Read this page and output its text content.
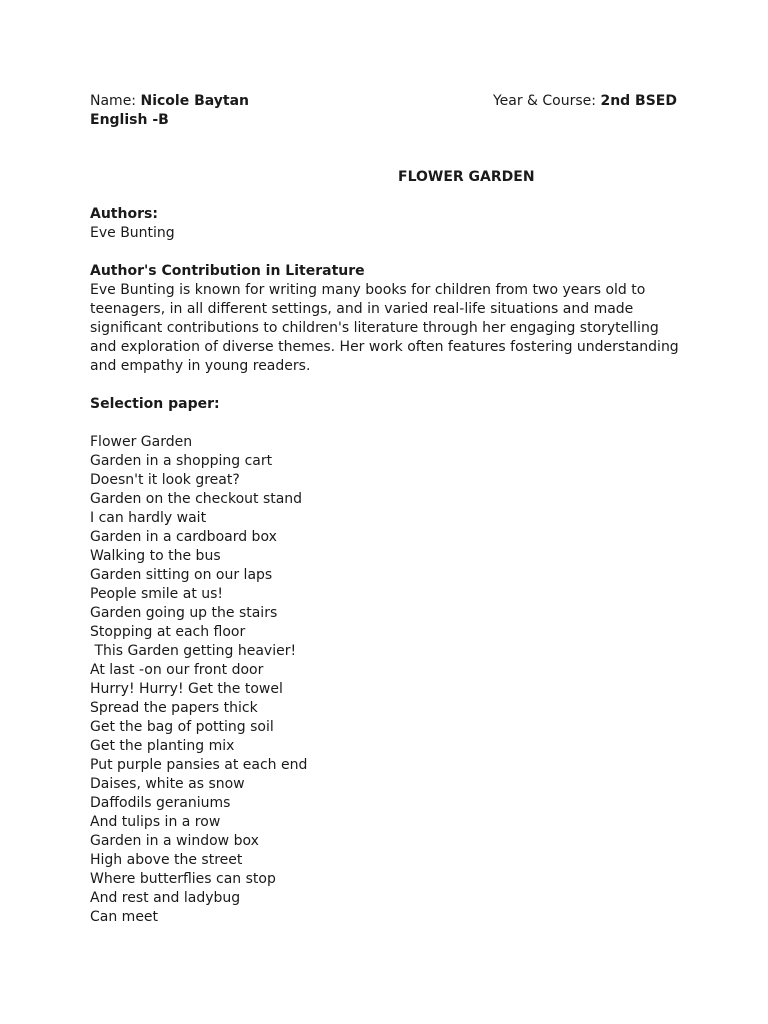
Name: Nicole Baytan	Year & Course: 2nd BSED
English -B
FLOWER GARDEN
Authors:
Eve Bunting
Author's Contribution in Literature

Eve Bunting is known for writing many books for children from two years old to teenagers, in all different settings, and in varied real-life situations and made significant contributions to children's literature through her engaging storytelling and exploration of diverse themes. Her work often features fostering understanding and empathy in young readers.

Selection paper:
Flower Garden
Garden in a shopping cart
Doesn't it look great?
Garden on the checkout stand
I can hardly wait
Garden in a cardboard box
Walking to the bus
Garden sitting on our laps
People smile at us!
Garden going up the stairs
Stopping at each floor
This Garden getting heavier!
At last -on our front door
Hurry! Hurry! Get the towel
Spread the papers thick
Get the bag of potting soil
Get the planting mix
Put purple pansies at each end
Daises, white as snow
Daffodils geraniums
And tulips in a row
Garden in a window box
High above the street
Where butterflies can stop
And rest and ladybug
Can meet
